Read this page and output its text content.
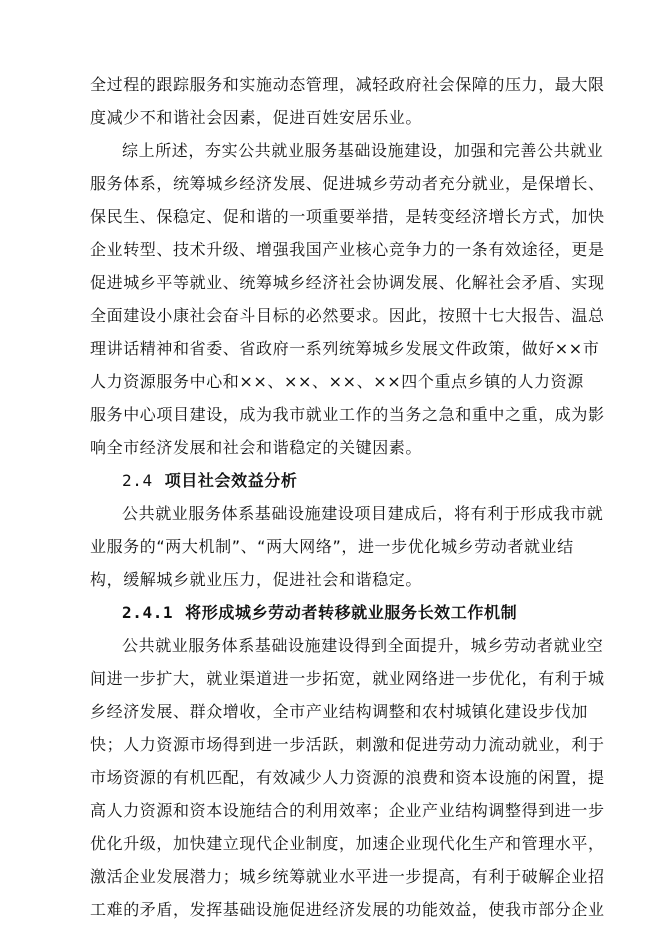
全过程的跟踪服务和实施动态管理，减轻政府社会保障的压力，最大限
度减少不和谐社会因素，促进百姓安居乐业。
综上所述，夯实公共就业服务基础设施建设，加强和完善公共就业
服务体系，统筹城乡经济发展、促进城乡劳动者充分就业，是保增长、
保民生、保稳定、促和谐的一项重要举措，是转变经济增长方式，加快
企业转型、技术升级、增强我国产业核心竞争力的一条有效途径，更是
促进城乡平等就业、统筹城乡经济社会协调发展、化解社会矛盾、实现
全面建设小康社会奋斗目标的必然要求。因此，按照十七大报告、温总
理讲话精神和省委、省政府一系列统筹城乡发展文件政策，做好××市
人力资源服务中心和××、××、××、××四个重点乡镇的人力资源
服务中心项目建设，成为我市就业工作的当务之急和重中之重，成为影
响全市经济发展和社会和谐稳定的关键因素。
2.4 项目社会效益分析
公共就业服务体系基础设施建设项目建成后，将有利于形成我市就
业服务的“两大机制”、“两大网络”，进一步优化城乡劳动者就业结
构，缓解城乡就业压力，促进社会和谐稳定。
2.4.1 将形成城乡劳动者转移就业服务长效工作机制
公共就业服务体系基础设施建设得到全面提升，城乡劳动者就业空
间进一步扩大，就业渠道进一步拓宽，就业网络进一步优化，有利于城
乡经济发展、群众增收，全市产业结构调整和农村城镇化建设步伐加
快；人力资源市场得到进一步活跃，刺激和促进劳动力流动就业，利于
市场资源的有机匹配，有效减少人力资源的浪费和资本设施的闲置，提
高人力资源和资本设施结合的利用效率；企业产业结构调整得到进一步
优化升级，加快建立现代企业制度，加速企业现代化生产和管理水平，
激活企业发展潜力；城乡统筹就业水平进一步提高，有利于破解企业招
工难的矛盾，发挥基础设施促进经济发展的功能效益，使我市部分企业
